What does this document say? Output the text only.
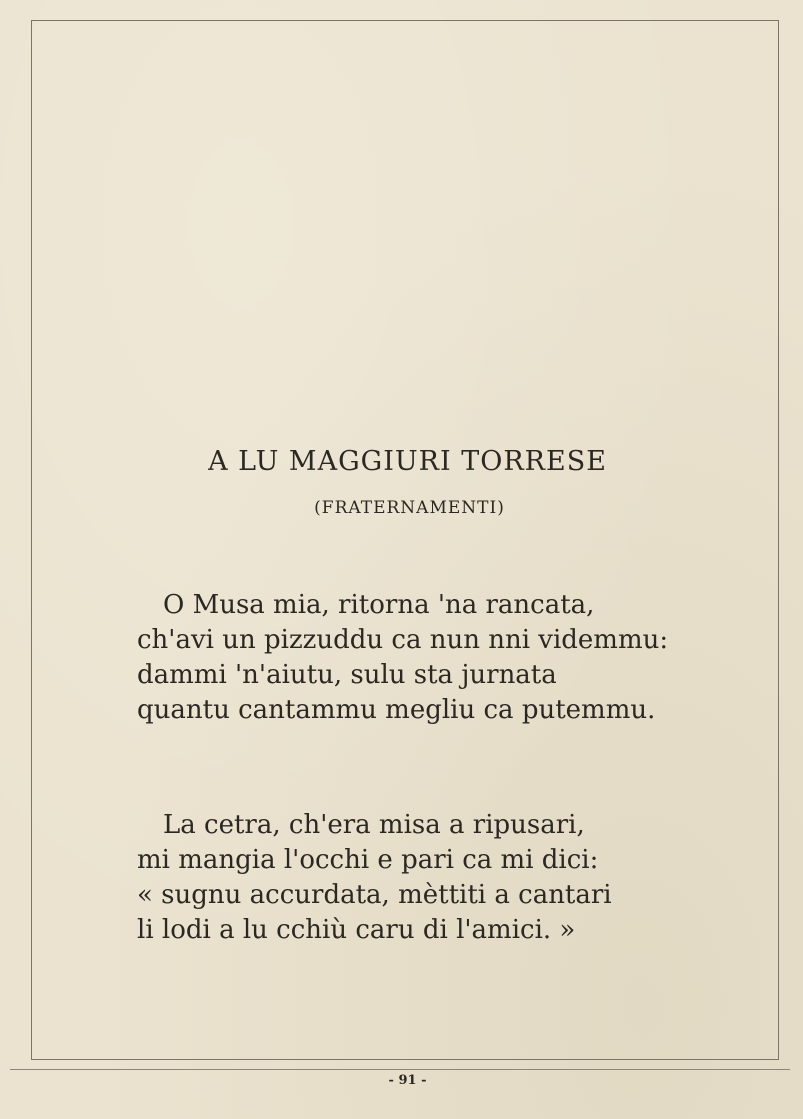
A LU MAGGIURI TORRESE
(FRATERNAMENTI)
O Musa mia, ritorna 'na rancata,
ch'avi un pizzuddu ca nun nni videmmu:
dammi 'n'aiutu, sulu sta jurnata
quantu cantammu megliu ca putemmu.
La cetra, ch'era misa a ripusari,
mi mangia l'occhi e pari ca mi dici:
« sugnu accurdata, mèttiti a cantari
li lodi a lu cchiù caru di l'amici. »
- 91 -
